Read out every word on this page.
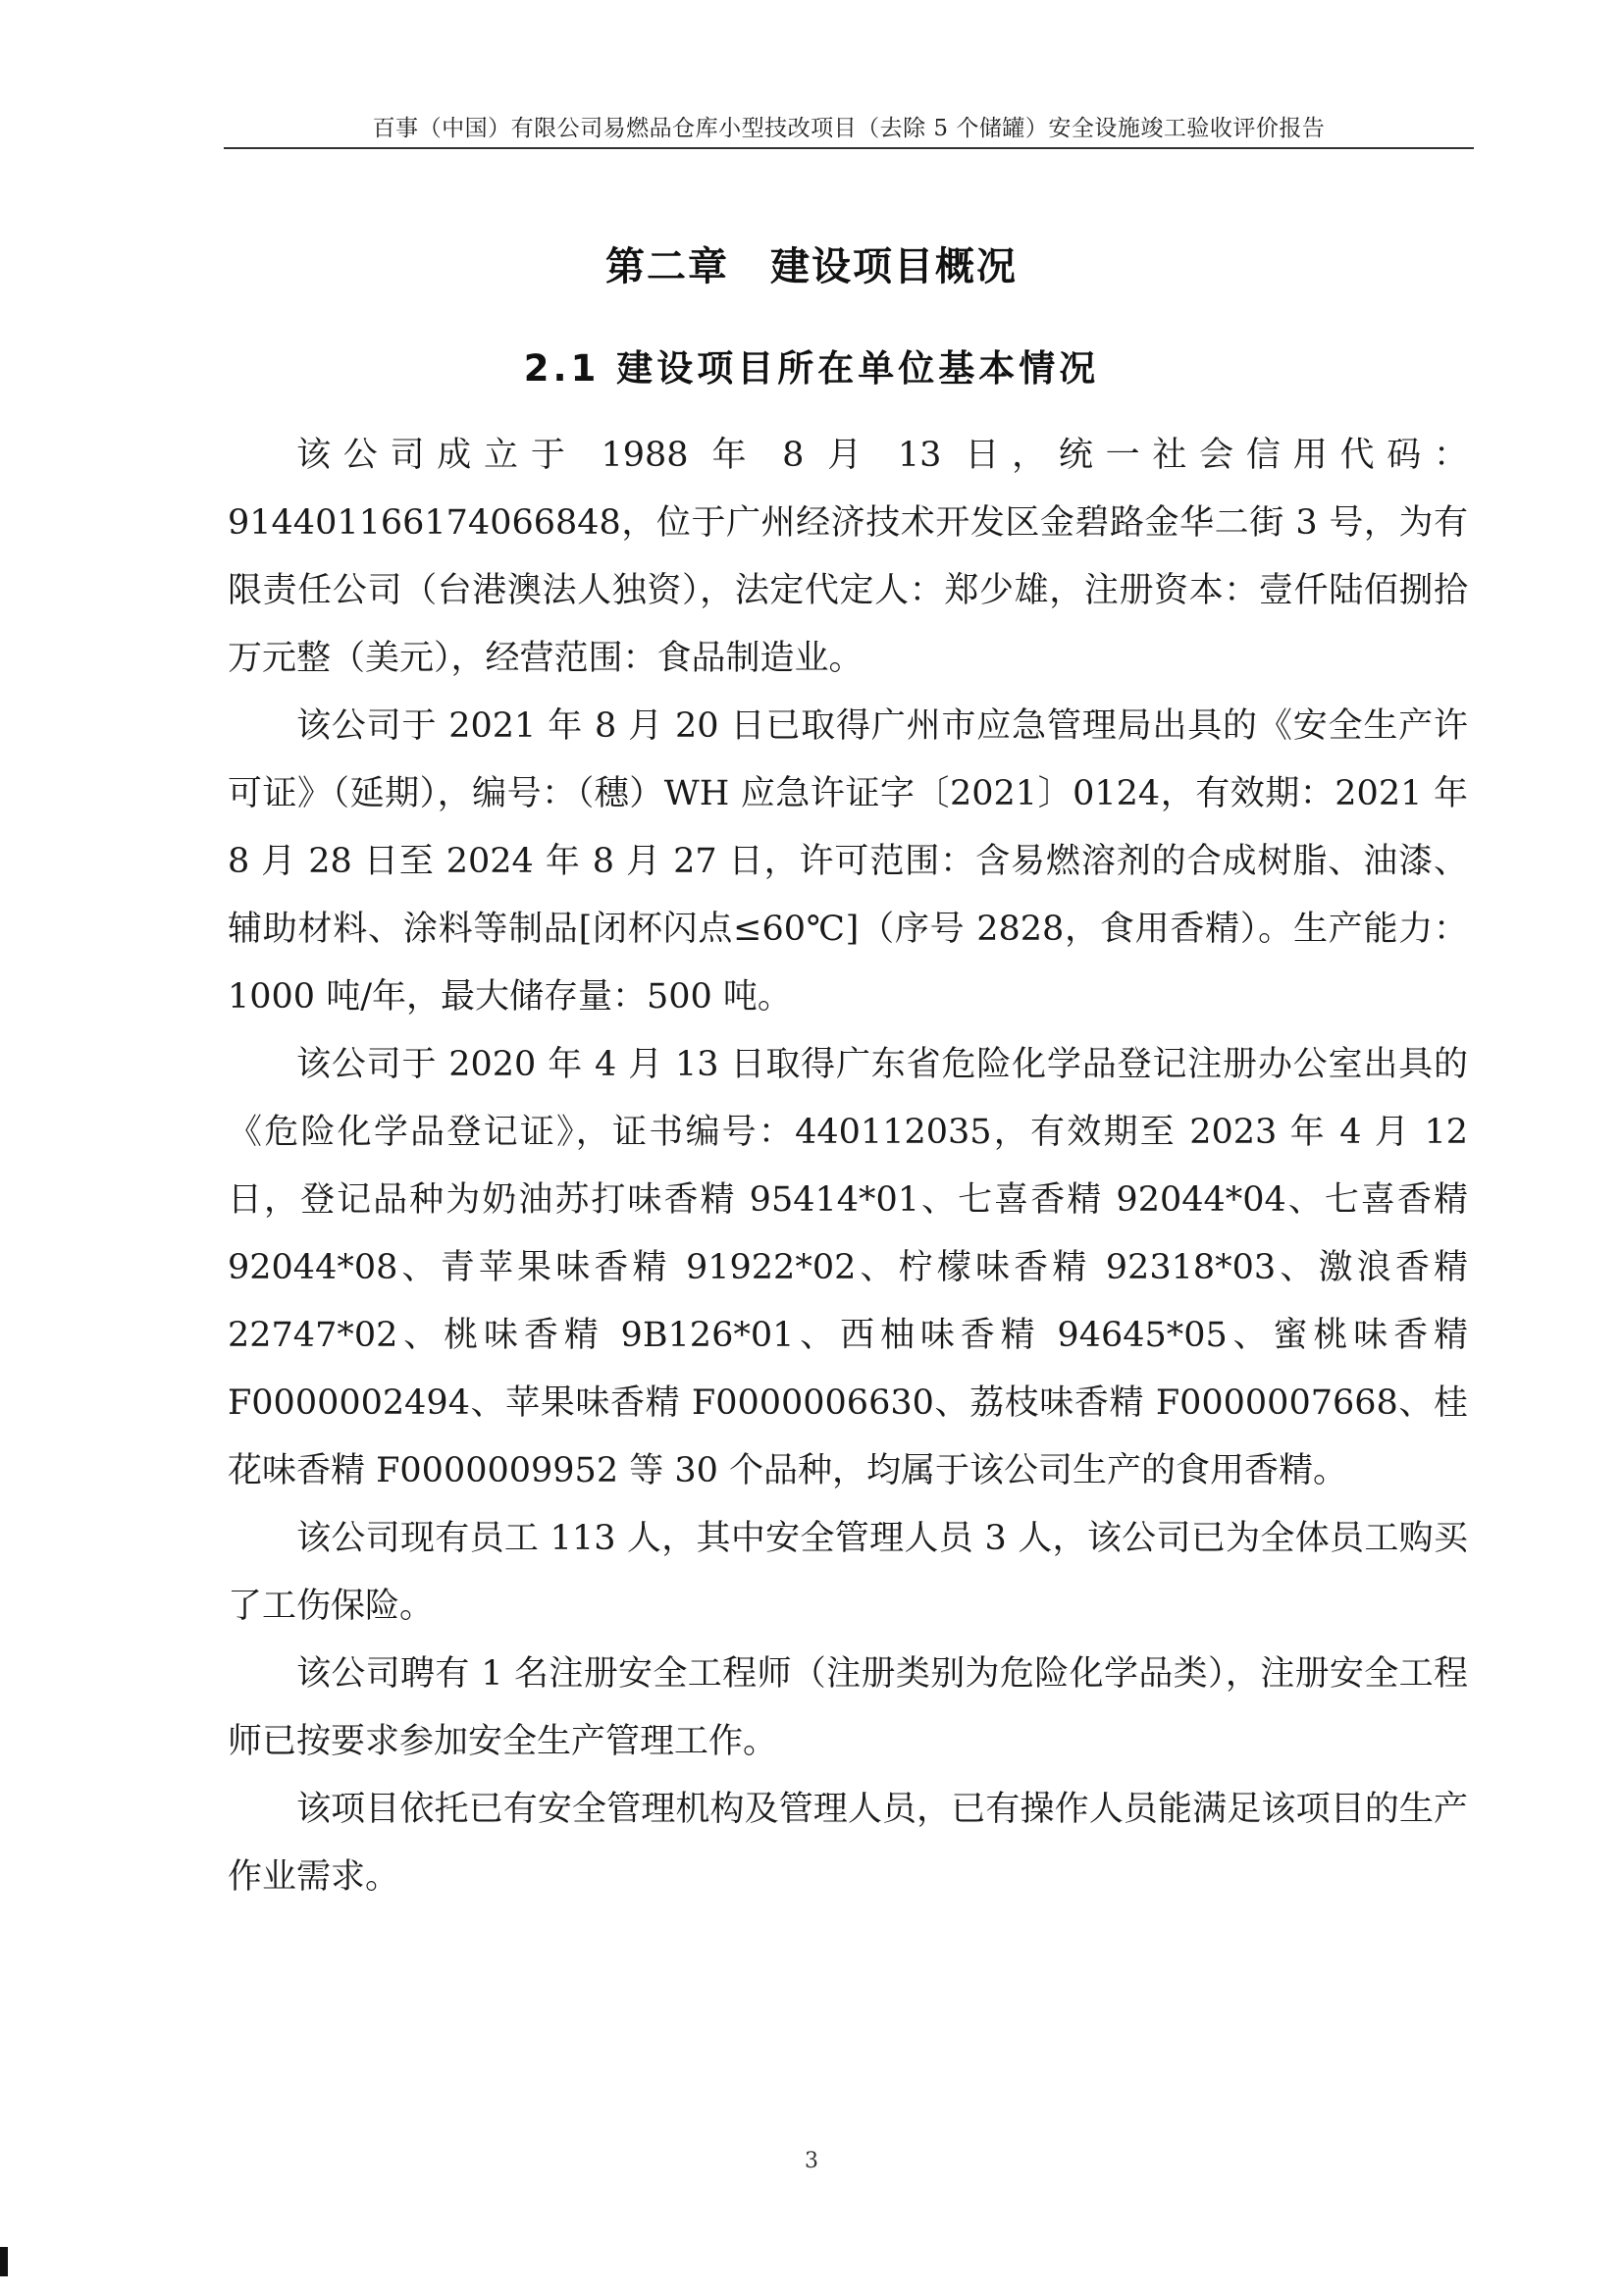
百事（中国）有限公司易燃品仓库小型技改项目（去除 5 个储罐）安全设施竣工验收评价报告
第二章　建设项目概况
2.1 建设项目所在单位基本情况

该公司成立于 1988 年 8 月 13 日，统一社会信用代码：914401166174066848，位于广州经济技术开发区金碧路金华二街 3 号，为有限责任公司（台港澳法人独资），法定代定人：郑少雄，注册资本：壹仟陆佰捌拾万元整（美元），经营范围：食品制造业。

该公司于 2021 年 8 月 20 日已取得广州市应急管理局出具的《安全生产许可证》（延期），编号：（穗）WH 应急许证字〔2021〕0124，有效期：2021 年 8 月 28 日至 2024 年 8 月 27 日，许可范围：含易燃溶剂的合成树脂、油漆、辅助材料、涂料等制品[闭杯闪点≤60℃]（序号 2828，食用香精）。生产能力：1000 吨/年，最大储存量：500 吨。

该公司于 2020 年 4 月 13 日取得广东省危险化学品登记注册办公室出具的《危险化学品登记证》，证书编号：440112035，有效期至 2023 年 4 月 12 日，登记品种为奶油苏打味香精 95414*01、七喜香精 92044*04、七喜香精 92044*08、青苹果味香精 91922*02、柠檬味香精 92318*03、激浪香精 22747*02、桃味香精 9B126*01、西柚味香精 94645*05、蜜桃味香精 F0000002494、苹果味香精 F0000006630、荔枝味香精 F0000007668、桂花味香精 F0000009952 等 30 个品种，均属于该公司生产的食用香精。

该公司现有员工 113 人，其中安全管理人员 3 人，该公司已为全体员工购买了工伤保险。

该公司聘有 1 名注册安全工程师（注册类别为危险化学品类），注册安全工程师已按要求参加安全生产管理工作。

该项目依托已有安全管理机构及管理人员，已有操作人员能满足该项目的生产作业需求。

3
